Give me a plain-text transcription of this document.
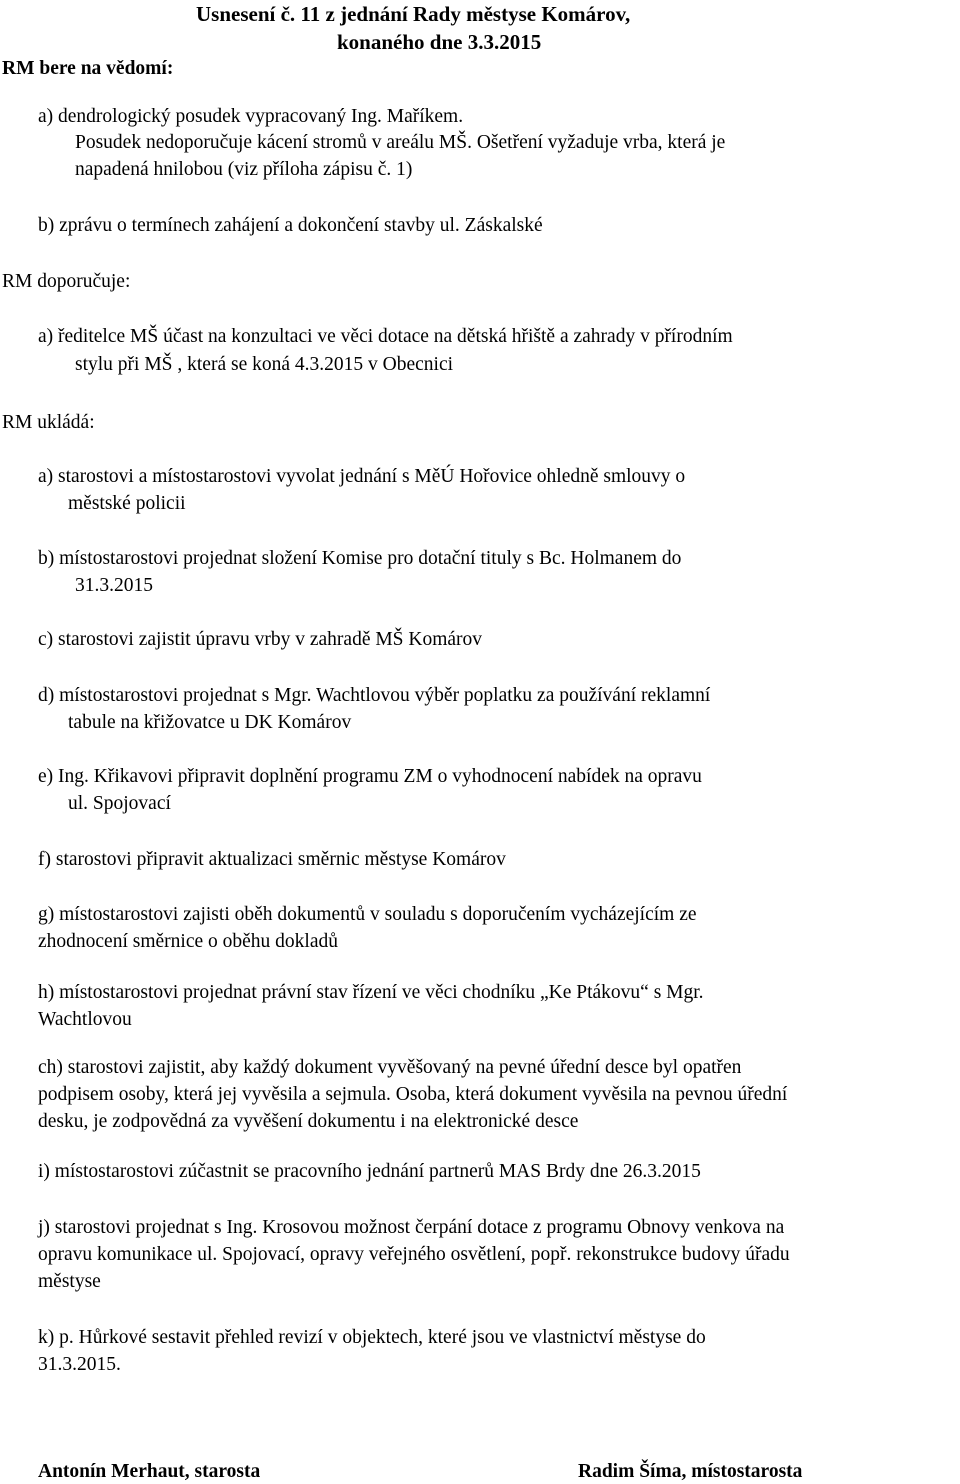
Usnesení č. 11 z jednání Rady městyse Komárov,
konaného dne 3.3.2015
RM bere na vědomí:
a) dendrologický posudek vypracovaný Ing. Maříkem.
Posudek nedoporučuje kácení stromů v areálu MŠ. Ošetření vyžaduje vrba, která je
napadená hnilobou (viz příloha zápisu č. 1)
b) zprávu o termínech zahájení a dokončení stavby ul. Záskalské
RM doporučuje:
a) ředitelce MŠ účast na konzultaci ve věci dotace na dětská hřiště a zahrady v přírodním
stylu při MŠ , která se koná 4.3.2015 v Obecnici
RM ukládá:
a) starostovi a místostarostovi vyvolat jednání s MěÚ Hořovice ohledně smlouvy o
městské policii
b) místostarostovi projednat složení Komise pro dotační tituly s Bc. Holmanem do
31.3.2015
c) starostovi zajistit úpravu vrby v zahradě MŠ Komárov
d) místostarostovi projednat s Mgr. Wachtlovou výběr poplatku za používání reklamní
tabule na křižovatce u DK Komárov
e) Ing. Křikavovi připravit doplnění programu ZM o vyhodnocení nabídek na opravu
ul. Spojovací
f) starostovi připravit aktualizaci směrnic městyse Komárov
g) místostarostovi zajisti oběh dokumentů v souladu s doporučením vycházejícím ze
zhodnocení směrnice o oběhu dokladů
h) místostarostovi projednat právní stav řízení ve věci chodníku „Ke Ptákovu“ s Mgr.
Wachtlovou
ch) starostovi zajistit, aby každý dokument vyvěšovaný na pevné úřední desce byl opatřen
podpisem osoby, která jej vyvěsila a sejmula. Osoba, která dokument vyvěsila na pevnou úřední
desku, je zodpovědná za vyvěšení dokumentu i na elektronické desce
i) místostarostovi zúčastnit se pracovního jednání partnerů MAS Brdy dne 26.3.2015
j) starostovi projednat s Ing. Krosovou možnost čerpání dotace z programu Obnovy venkova na
opravu komunikace ul. Spojovací, opravy veřejného osvětlení, popř. rekonstrukce budovy úřadu
městyse
k) p. Hůrkové sestavit přehled revizí v objektech, které jsou ve vlastnictví městyse do
31.3.2015.
Antonín Merhaut, starosta	Radim Šíma, místostarosta
